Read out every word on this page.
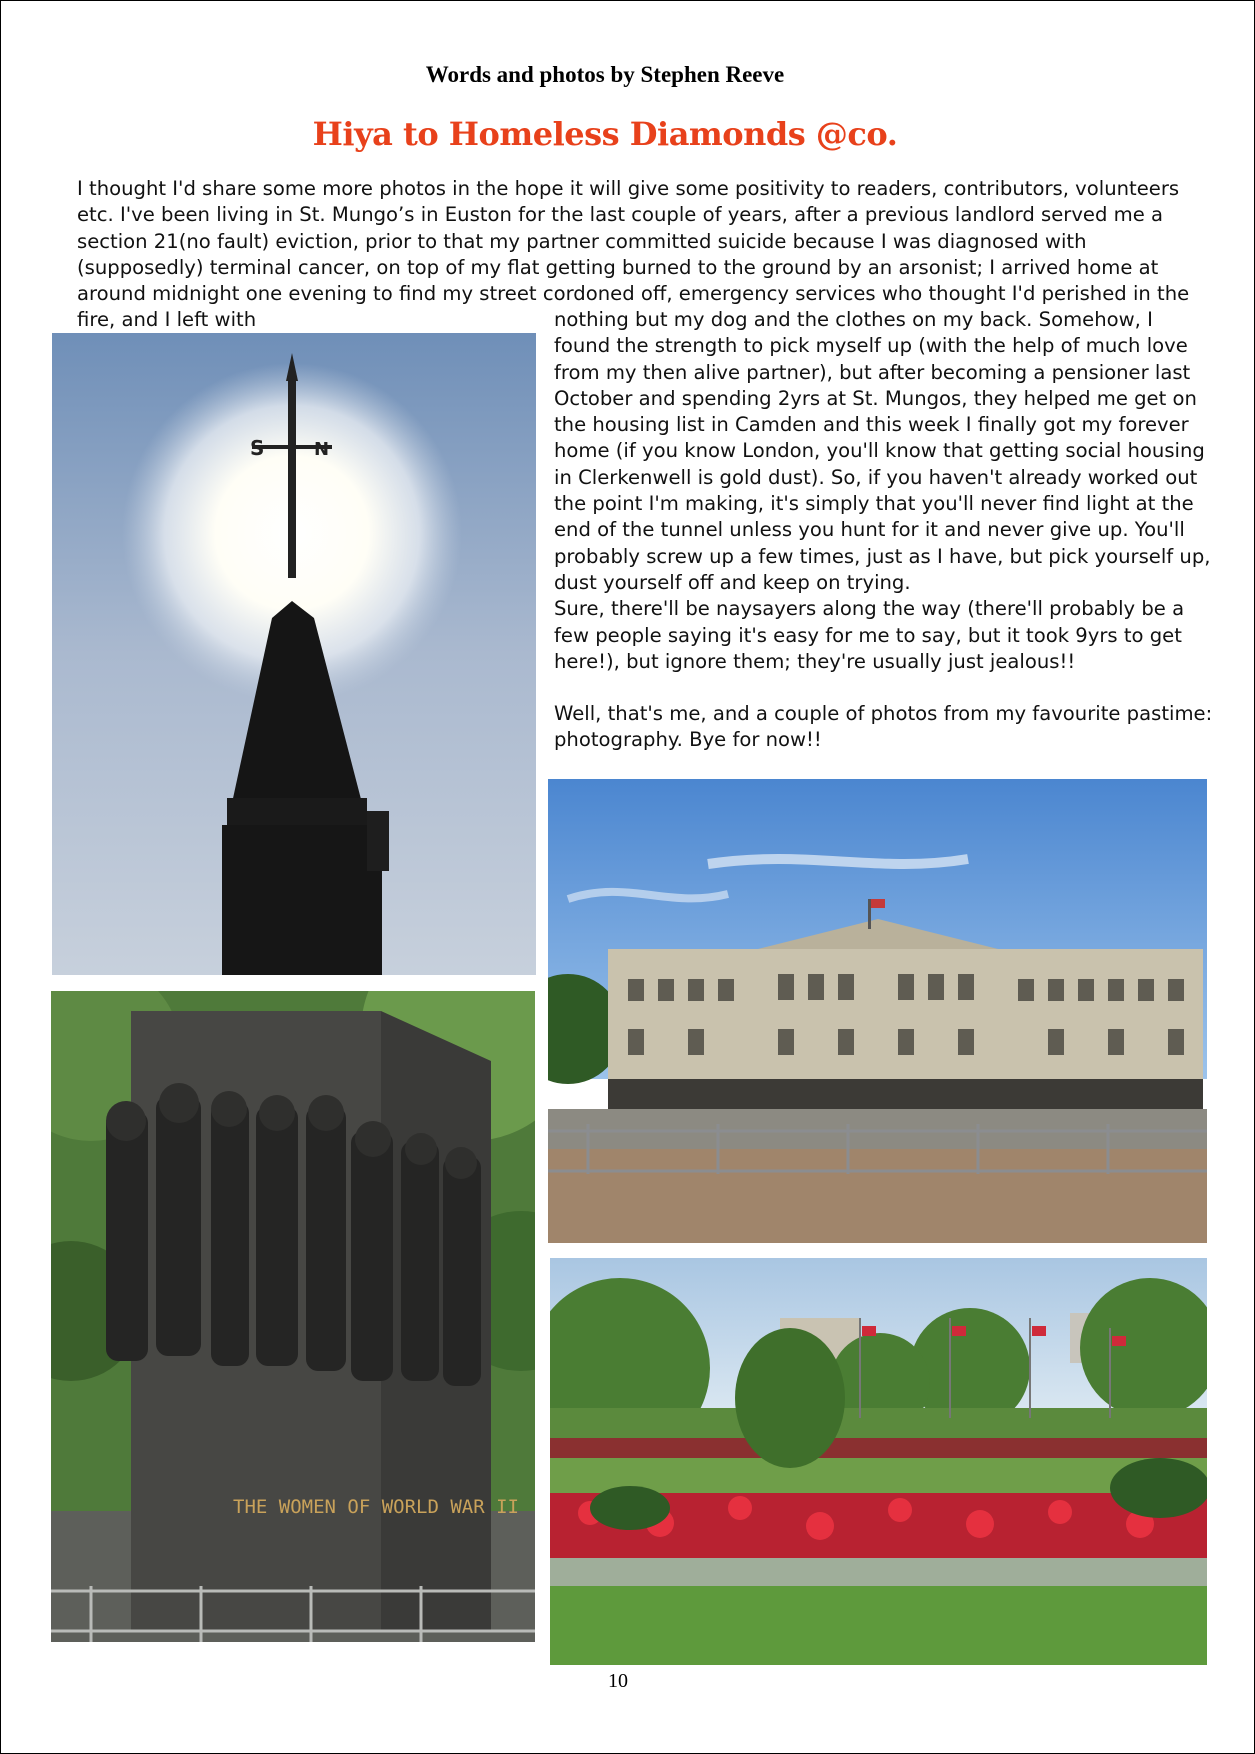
Words and photos by Stephen Reeve
Hiya to Homeless Diamonds @co.
I thought I'd share some more photos in the hope it will give some positivity to readers, contributors, volunteers etc. I've been living in St. Mungo’s in Euston for the last couple of years, after a previous landlord served me a section 21(no fault) eviction, prior to that my partner committed suicide because I was diagnosed with (supposedly) terminal cancer, on top of my flat getting burned to the ground by an arsonist; I arrived home at around midnight one evening to find my street cordoned off, emergency services who thought I'd perished in the fire, and I left with	nothing but my dog and the clothes on my back. Somehow, I found the strength to pick myself up (with the help of much love from my then alive partner), but after becoming a pensioner last October and spending 2yrs at St. Mungos, they helped me get on the housing list in Camden and this week I finally got my forever home (if you know London, you'll know that getting social housing in Clerkenwell is gold dust). So, if you haven't already worked out the point I'm making, it's simply that you'll never find light at the end of the tunnel unless you hunt for it and never give up. You'll probably screw up a few times, just as I have, but pick yourself up, dust yourself off and keep on trying.

Sure, there'll be naysayers along the way (there'll probably be a few people saying it's easy for me to say, but it took 9yrs to get here!), but ignore them; they're usually just jealous!!

Well, that's me, and a couple of photos from my favourite pastime: photography. Bye for now!!

S	N
THE WOMEN OF WORLD WAR II
10
